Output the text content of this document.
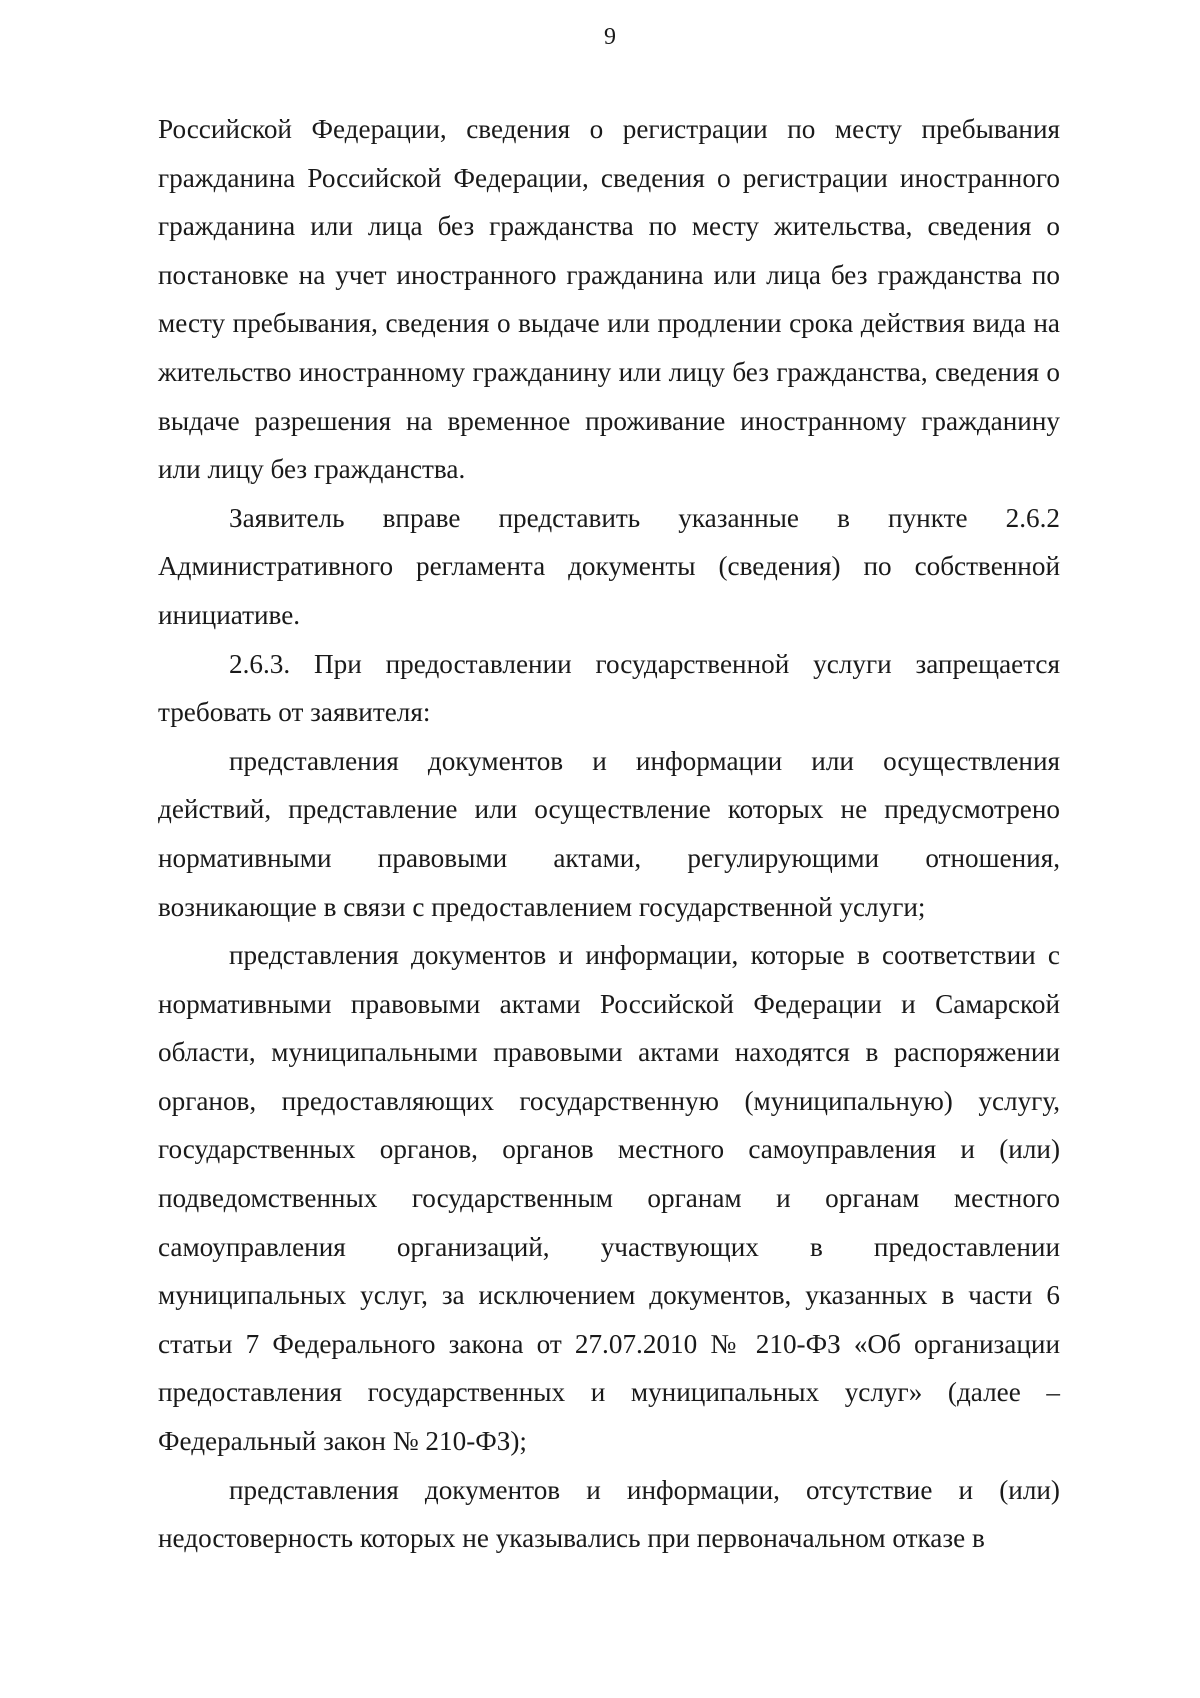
9

Российской Федерации, сведения о регистрации по месту пребывания гражданина Российской Федерации, сведения о регистрации иностранного гражданина или лица без гражданства по месту жительства, сведения о постановке на учет иностранного гражданина или лица без гражданства по месту пребывания, сведения о выдаче или продлении срока действия вида на жительство иностранному гражданину или лицу без гражданства, сведения о выдаче разрешения на временное проживание иностранному гражданину или лицу без гражданства.

Заявитель вправе представить указанные в пункте 2.6.2 Административного регламента документы (сведения) по собственной инициативе.

2.6.3. При предоставлении государственной услуги запрещается требовать от заявителя:

представления документов и информации или осуществления действий, представление или осуществление которых не предусмотрено нормативными правовыми актами, регулирующими отношения, возникающие в связи с предоставлением государственной услуги;

представления документов и информации, которые в соответствии с нормативными правовыми актами Российской Федерации и Самарской области, муниципальными правовыми актами находятся в распоряжении органов, предоставляющих государственную (муниципальную) услугу, государственных органов, органов местного самоуправления и (или) подведомственных государственным органам и органам местного самоуправления организаций, участвующих в предоставлении муниципальных услуг, за исключением документов, указанных в части 6 статьи 7 Федерального закона от 27.07.2010 № 210-ФЗ «Об организации предоставления государственных и муниципальных услуг» (далее – Федеральный закон № 210-ФЗ);

представления документов и информации, отсутствие и (или) недостоверность которых не указывались при первоначальном отказе в
